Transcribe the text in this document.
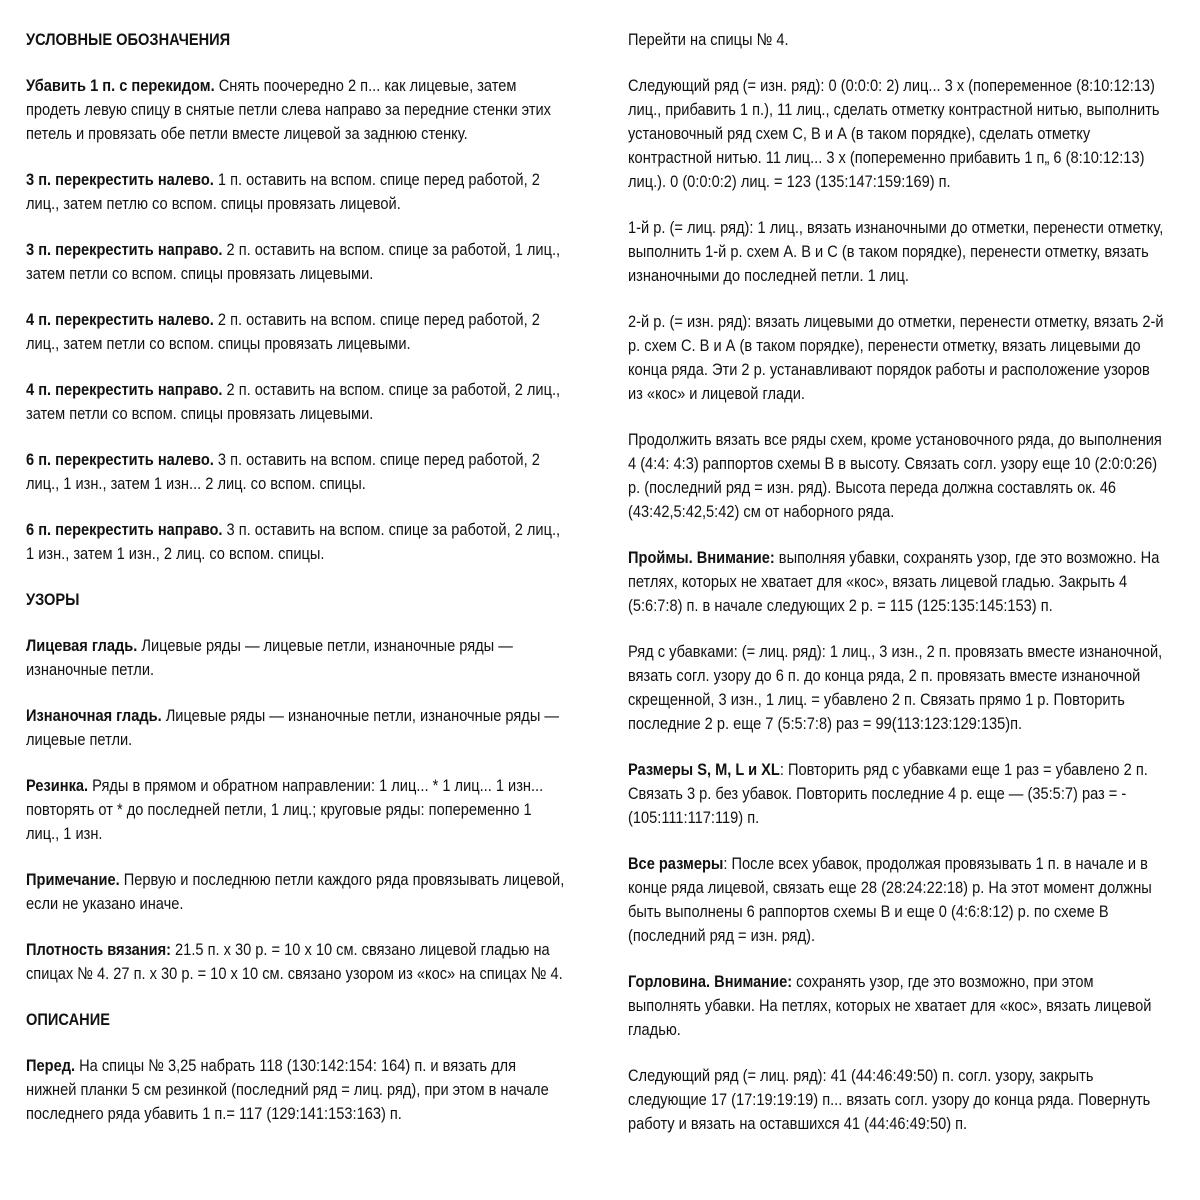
УСЛОВНЫЕ ОБОЗНАЧЕНИЯ
Убавить 1 п. с перекидом. Снять поочередно 2 п... как лицевые, затем продеть левую спицу в снятые петли слева направо за передние стенки этих петель и провязать обе петли вместе лицевой за заднюю стенку.
3 п. перекрестить налево. 1 п. оставить на вспом. спице перед работой, 2 лиц., затем петлю со вспом. спицы провязать лицевой.
3 п. перекрестить направо. 2 п. оставить на вспом. спице за работой, 1 лиц., затем петли со вспом. спицы провязать лицевыми.
4 п. перекрестить налево. 2 п. оставить на вспом. спице перед работой, 2 лиц., затем петли со вспом. спицы провязать лицевыми.
4 п. перекрестить направо. 2 п. оставить на вспом. спице за работой, 2 лиц., затем петли со вспом. спицы провязать лицевыми.
6 п. перекрестить налево. 3 п. оставить на вспом. спице перед работой, 2 лиц., 1 изн., затем 1 изн... 2 лиц. со вспом. спицы.
6 п. перекрестить направо. 3 п. оставить на вспом. спице за работой, 2 лиц., 1 изн., затем 1 изн., 2 лиц. со вспом. спицы.
УЗОРЫ
Лицевая гладь. Лицевые ряды — лицевые петли, изнаночные ряды — изнаночные петли.
Изнаночная гладь. Лицевые ряды — изнаночные петли, изнаночные ряды — лицевые петли.
Резинка. Ряды в прямом и обратном направлении: 1 лиц... * 1 лиц... 1 изн... повторять от * до последней петли, 1 лиц.; круговые ряды: попеременно 1 лиц., 1 изн.
Примечание. Первую и последнюю петли каждого ряда провязывать лицевой, если не указано иначе.
Плотность вязания: 21.5 п. х 30 р. = 10 х 10 см. связано лицевой гладью на спицах № 4. 27 п. х 30 р. = 10 х 10 см. связано узором из «кос» на спицах № 4.
ОПИСАНИЕ
Перед. На спицы № 3,25 набрать 118 (130:142:154: 164) п. и вязать для нижней планки 5 см резинкой (последний ряд = лиц. ряд), при этом в начале последнего ряда убавить 1 п.= 117 (129:141:153:163) п.
Перейти на спицы № 4.
Следующий ряд (= изн. ряд): 0 (0:0:0: 2) лиц... 3 х (попеременное (8:10:12:13) лиц., прибавить 1 п.), 11 лиц., сделать отметку контрастной нитью, выполнить установочный ряд схем С, В и А (в таком порядке), сделать отметку контрастной нитью. 11 лиц... 3 х (попеременно прибавить 1 п„ 6 (8:10:12:13) лиц.). 0 (0:0:0:2) лиц. = 123 (135:147:159:169) п.
1-й р. (= лиц. ряд): 1 лиц., вязать изнаночными до отметки, перенести отметку, выполнить 1-й р. схем А. В и С (в таком порядке), перенести отметку, вязать изнаночными до последней петли. 1 лиц.
2-й р. (= изн. ряд): вязать лицевыми до отметки, перенести отметку, вязать 2-й р. схем С. В и А (в таком порядке), перенести отметку, вязать лицевыми до конца ряда. Эти 2 р. устанавливают порядок работы и расположение узоров из «кос» и лицевой глади.
Продолжить вязать все ряды схем, кроме установочного ряда, до выполнения 4 (4:4: 4:3) раппортов схемы В в высоту. Связать согл. узору еще 10 (2:0:0:26) р. (последний ряд = изн. ряд). Высота переда должна составлять ок. 46 (43:42,5:42,5:42) см от наборного ряда.
Проймы. Внимание: выполняя убавки, сохранять узор, где это возможно. На петлях, которых не хватает для «кос», вязать лицевой гладью. Закрыть 4 (5:6:7:8) п. в начале следующих 2 р. = 115 (125:135:145:153) п.
Ряд с убавками: (= лиц. ряд): 1 лиц., 3 изн., 2 п. провязать вместе изнаночной, вязать согл. узору до 6 п. до конца ряда, 2 п. провязать вместе изнаночной скрещенной, 3 изн., 1 лиц. = убавлено 2 п. Связать прямо 1 р. Повторить последние 2 р. еще 7 (5:5:7:8) раз = 99(113:123:129:135)п.
Размеры S, M, L и XL: Повторить ряд с убавками еще 1 раз = убавлено 2 п. Связать 3 р. без убавок. Повторить последние 4 р. еще — (35:5:7) раз = - (105:111:117:119) п.
Все размеры: После всех убавок, продолжая провязывать 1 п. в начале и в конце ряда лицевой, связать еще 28 (28:24:22:18) р. На этот момент должны быть выполнены 6 раппортов схемы В и еще 0 (4:6:8:12) р. по схеме В (последний ряд = изн. ряд).
Горловина. Внимание: сохранять узор, где это возможно, при этом выполнять убавки. На петлях, которых не хватает для «кос», вязать лицевой гладью.
Следующий ряд (= лиц. ряд): 41 (44:46:49:50) п. согл. узору, закрыть следующие 17 (17:19:19:19) п... вязать согл. узору до конца ряда. Повернуть работу и вязать на оставшихся 41 (44:46:49:50) п.
